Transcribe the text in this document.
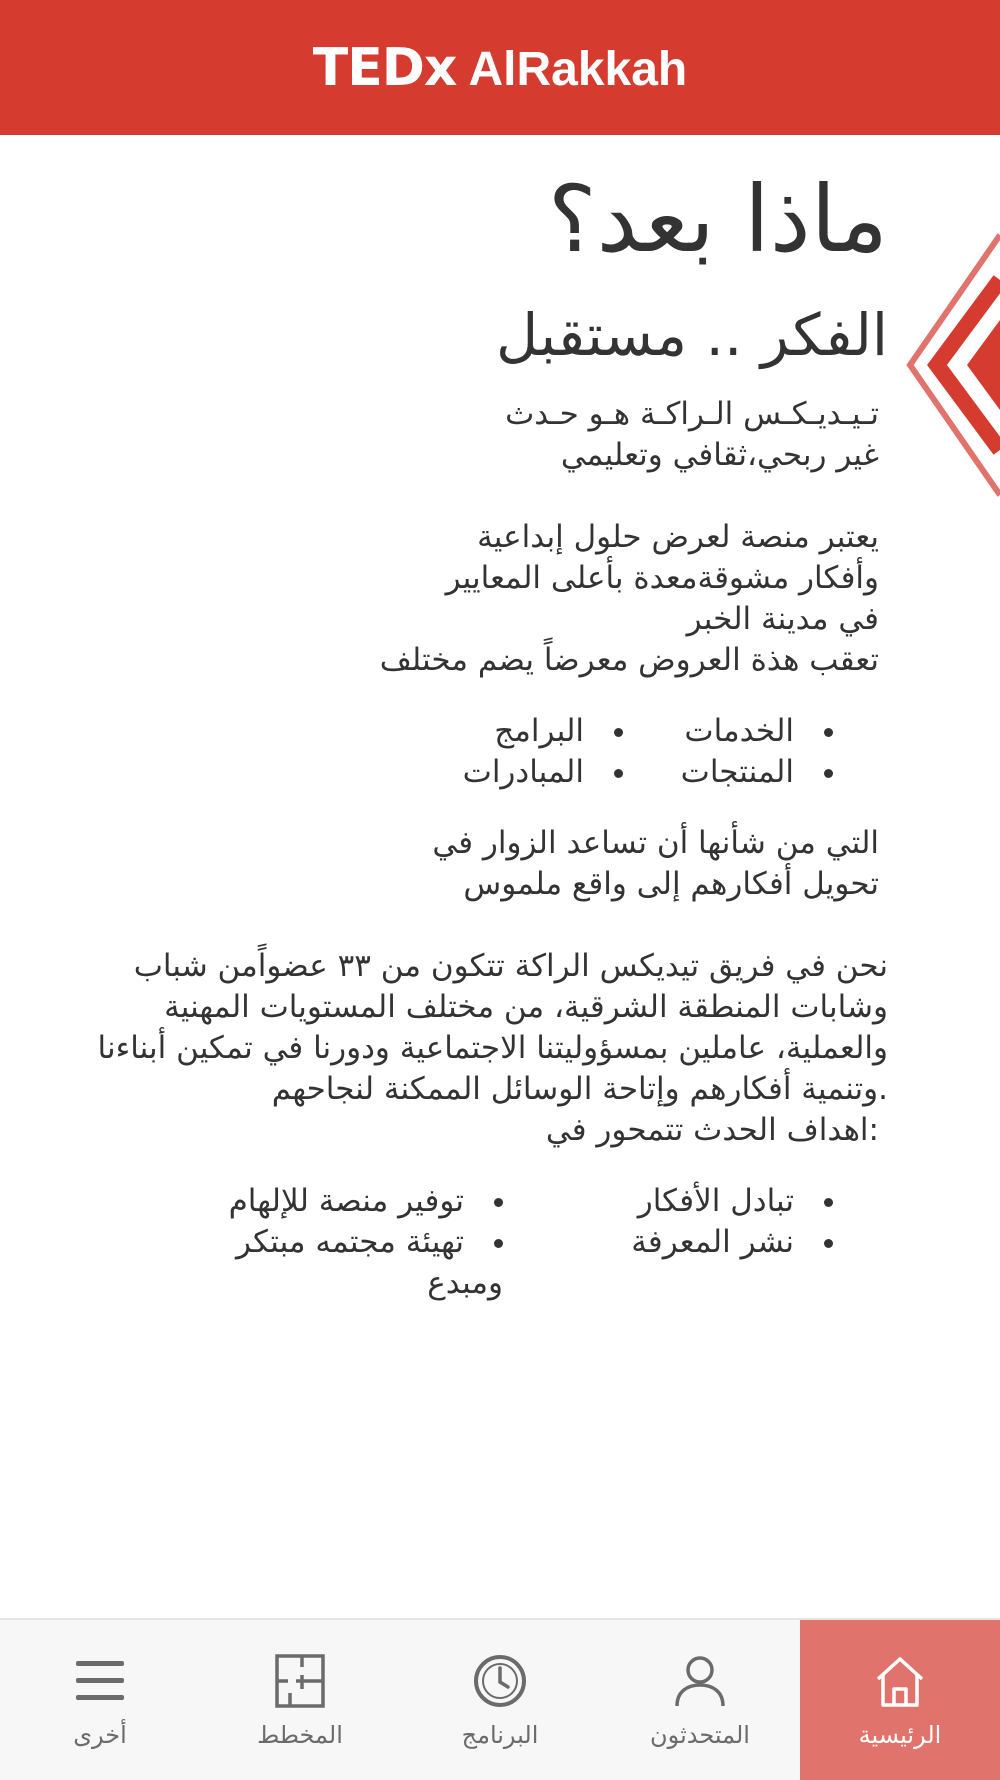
TEDx AlRakkah
ماذا بعد؟
الفكر .. مستقبل

تـيـديـكـس الـراكـة هـو حـدث

غير ربحي،ثقافي وتعليمي

يعتبر منصة لعرض حلول إبداعية

وأفكار مشوقةمعدة بأعلى المعايير

في مدينة الخبر

تعقب هذة العروض معرضاً يضم مختلف

الخدمات
البرامج
المنتجات
المبادرات

التي من شأنها أن تساعد الزوار في

تحويل أفكارهم إلى واقع ملموس

نحن في فريق تيديكس الراكة تتكون من ٣٣ عضواًمن شباب

وشابات المنطقة الشرقية، من مختلف المستويات المهنية

والعملية، عاملين بمسؤوليتنا الاجتماعية ودورنا في تمكين أبناءنا

.وتنمية أفكارهم وإتاحة الوسائل الممكنة لنجاحهم

:اهداف الحدث تتمحور في

تبادل الأفكار
توفير منصة للإلهام
نشر المعرفة
تهيئة مجتمه مبتكر ومبدع
أخرى	المخطط	البرنامج	المتحدثون	الرئيسية
